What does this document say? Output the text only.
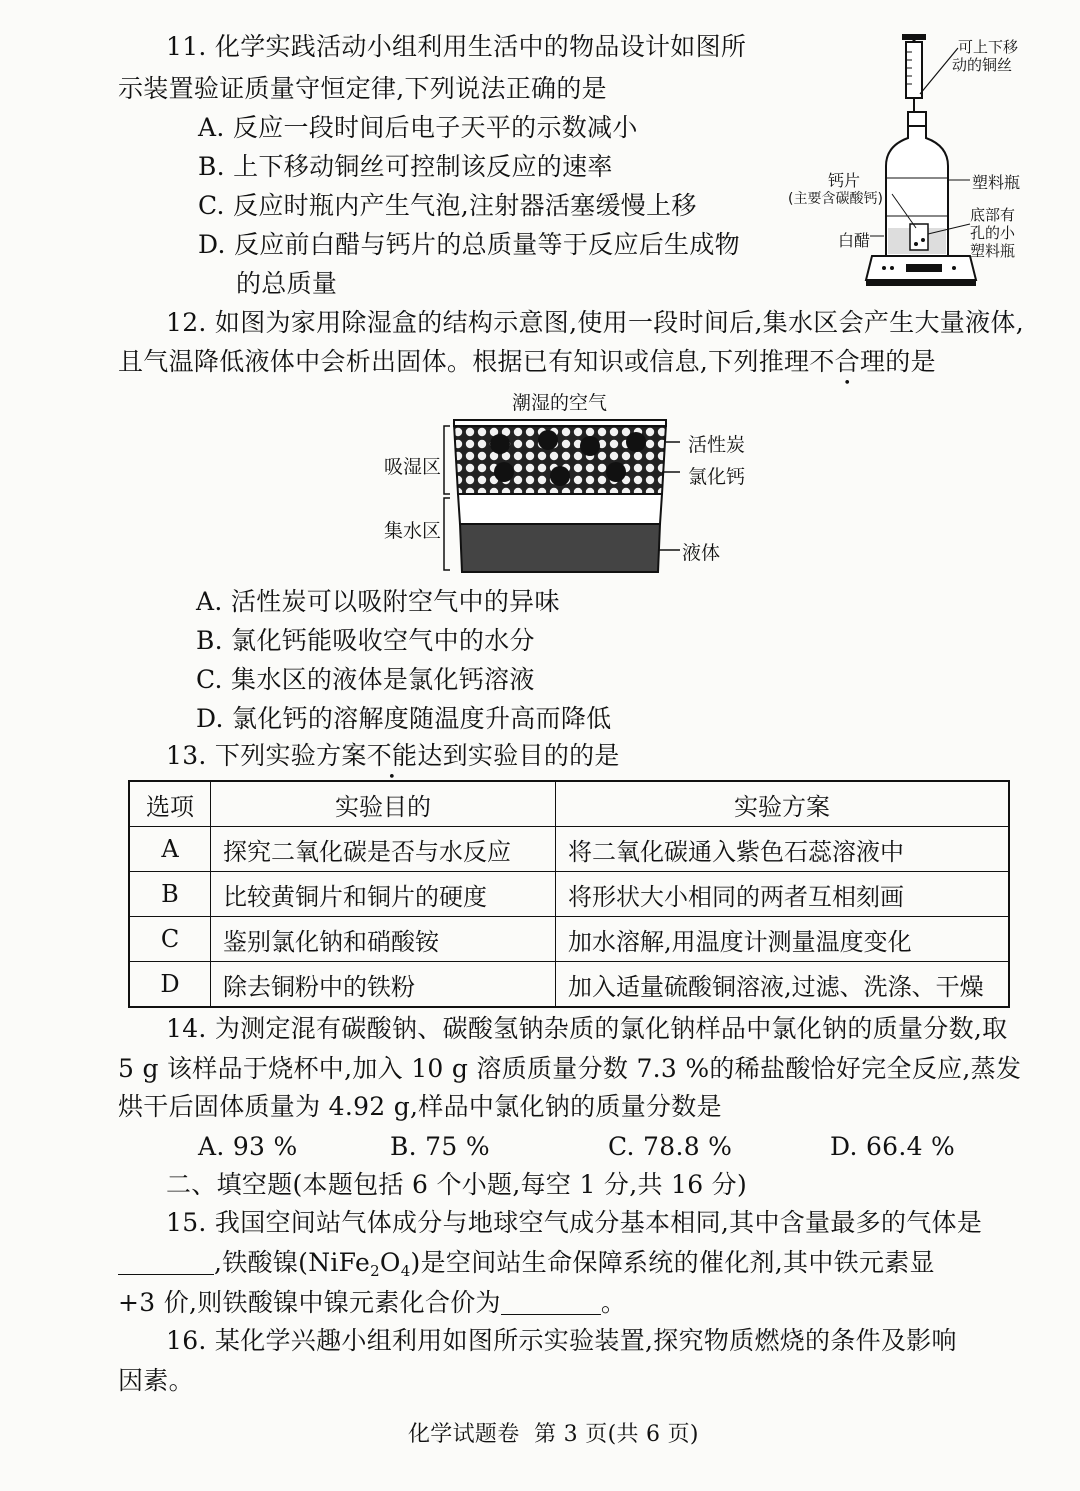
11. 化学实践活动小组利用生活中的物品设计如图所
示装置验证质量守恒定律,下列说法正确的是
A. 反应一段时间后电子天平的示数减小
B. 上下移动铜丝可控制该反应的速率
C. 反应时瓶内产生气泡,注射器活塞缓慢上移
D. 反应前白醋与钙片的总质量等于反应后生成物
的总质量
可上下移
动的铜丝
钙片
(主要含碳酸钙)
塑料瓶
底部有
孔的小
塑料瓶
白醋
12. 如图为家用除湿盒的结构示意图,使用一段时间后,集水区会产生大量液体,
且气温降低液体中会析出固体。根据已有知识或信息,下列推理不合理的是
潮湿的空气
活性炭
吸湿区	氯化钙
集水区
液体
A. 活性炭可以吸附空气中的异味
B. 氯化钙能吸收空气中的水分
C. 集水区的液体是氯化钙溶液
D. 氯化钙的溶解度随温度升高而降低
13. 下列实验方案不能达到实验目的的是
选项	实验目的	实验方案
A	探究二氧化碳是否与水反应	将二氧化碳通入紫色石蕊溶液中
B	比较黄铜片和铜片的硬度	将形状大小相同的两者互相刻画
C	鉴别氯化钠和硝酸铵	加水溶解,用温度计测量温度变化
D	除去铜粉中的铁粉	加入适量硫酸铜溶液,过滤、洗涤、干燥
14. 为测定混有碳酸钠、碳酸氢钠杂质的氯化钠样品中氯化钠的质量分数,取
5 g 该样品于烧杯中,加入 10 g 溶质质量分数 7.3 %的稀盐酸恰好完全反应,蒸发
烘干后固体质量为 4.92 g,样品中氯化钠的质量分数是
A. 93 %	B. 75 %	C. 78.8 %	D. 66.4 %
二、填空题(本题包括 6 个小题,每空 1 分,共 16 分)
15. 我国空间站气体成分与地球空气成分基本相同,其中含量最多的气体是
,铁酸镍$(NiFe_2O_4)$是空间站生命保障系统的催化剂,其中铁元素显
+3 价,则铁酸镍中镍元素化合价为	。
16. 某化学兴趣小组利用如图所示实验装置,探究物质燃烧的条件及影响
因素。
化学试题卷  第 3 页(共 6 页)
